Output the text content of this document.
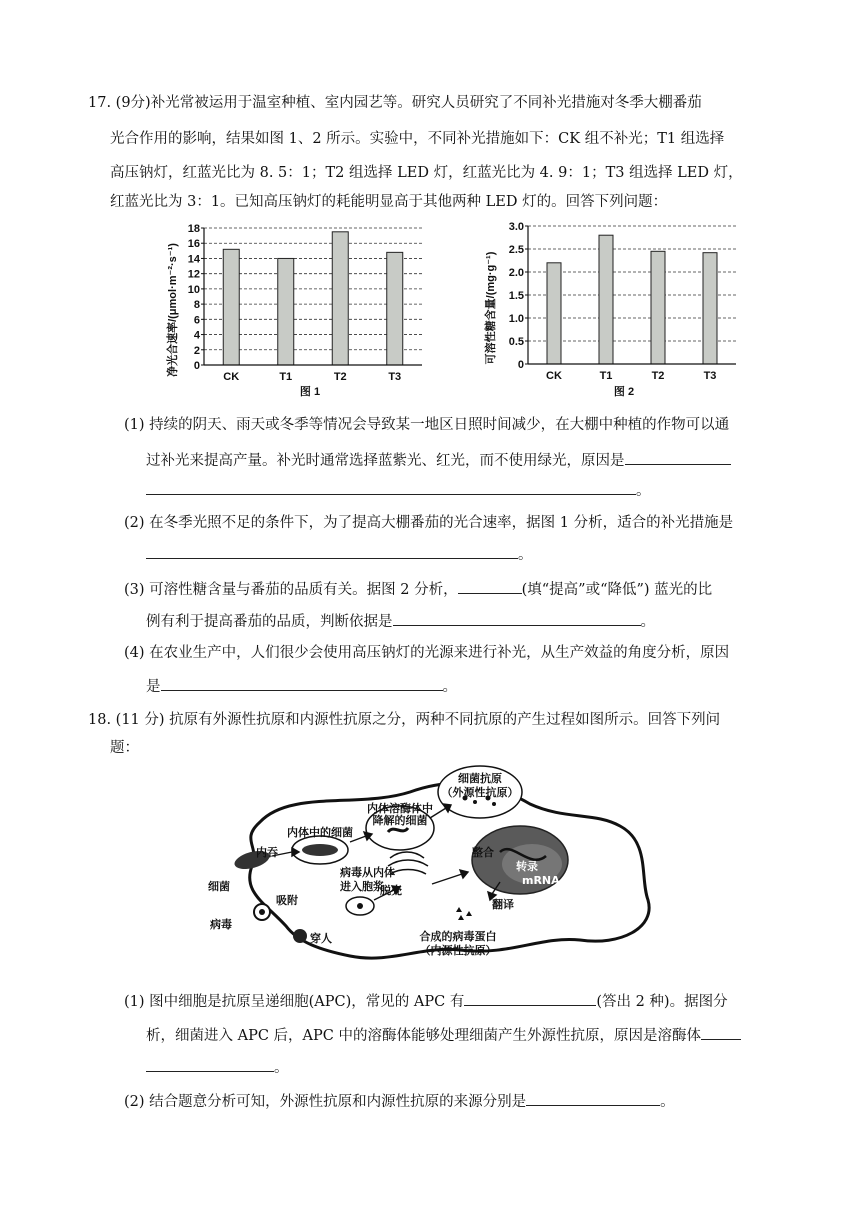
17. (9分)补光常被运用于温室种植、室内园艺等。研究人员研究了不同补光措施对冬季大棚番茄
光合作用的影响，结果如图 1、2 所示。实验中，不同补光措施如下：CK 组不补光；T1 组选择
高压钠灯，红蓝光比为 8. 5：1；T2 组选择 LED 灯，红蓝光比为 4. 9：1；T3 组选择 LED 灯，
红蓝光比为 3：1。已知高压钠灯的耗能明显高于其他两种 LED 灯的。回答下列问题：
净光合速率/(μmol·m⁻²·s⁻¹) 0
2
4
6
8
10
12
14
16
18
CK	T1	T2	T3
图 1
可溶性糖含量/(mg·g⁻¹)
0
0.5
1.0
1.5
2.0
2.5
3.0
CK	T1	T2	T3
图 2
(1) 持续的阴天、雨天或冬季等情况会导致某一地区日照时间减少，在大棚中种植的作物可以通
过补光来提高产量。补光时通常选择蓝紫光、红光，而不使用绿光，原因是
。
(2) 在冬季光照不足的条件下，为了提高大棚番茄的光合速率，据图 1 分析，适合的补光措施是
。
(3) 可溶性糖含量与番茄的品质有关。据图 2 分析，	(填“提高”或“降低”) 蓝光的比
例有利于提高番茄的品质，判断依据是	。
(4) 在农业生产中，人们很少会使用高压钠灯的光源来进行补光，从生产效益的角度分析，原因
是	。
18. (11 分) 抗原有外源性抗原和内源性抗原之分，两种不同抗原的产生过程如图所示。回答下列问
题：
细菌抗原
（外源性抗原）
内体溶酶体中
降解的细菌
内体中的细菌
内吞
细菌
病毒
吸附
穿人
病毒从内体
进入胞浆
脱壳
整合
转录
mRNA
翻译
合成的病毒蛋白
（内源性抗原）
(1) 图中细胞是抗原呈递细胞(APC)，常见的 APC 有	(答出 2 种)。据图分
析，细菌进入 APC 后，APC 中的溶酶体能够处理细菌产生外源性抗原，原因是溶酶体
。
(2) 结合题意分析可知，外源性抗原和内源性抗原的来源分别是	。
